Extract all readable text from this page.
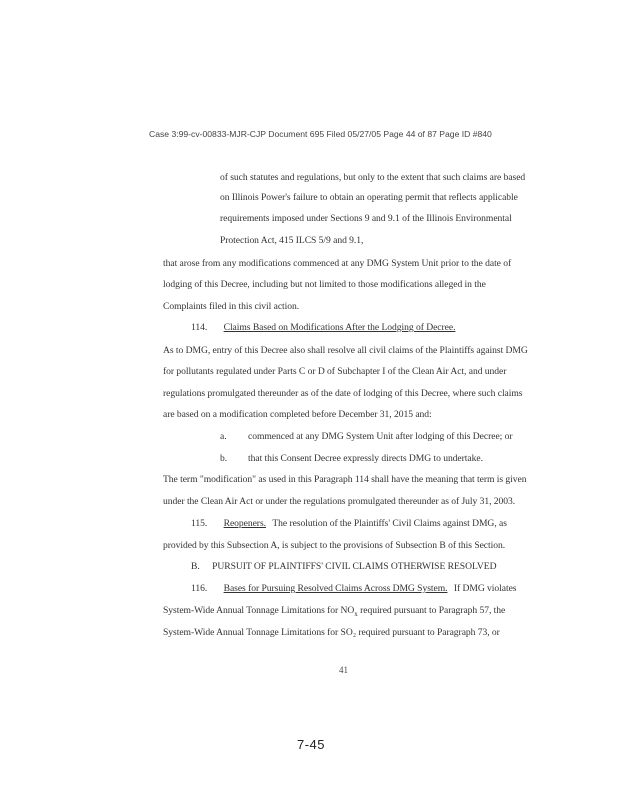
Case 3:99-cv-00833-MJR-CJP Document 695 Filed 05/27/05 Page 44 of 87 Page ID #840
of such statutes and regulations, but only to the extent that such claims are based
on Illinois Power's failure to obtain an operating permit that reflects applicable
requirements imposed under Sections 9 and 9.1 of the Illinois Environmental
Protection Act, 415 ILCS 5/9 and 9.1,
that arose from any modifications commenced at any DMG System Unit prior to the date of
lodging of this Decree, including but not limited to those modifications alleged in the
Complaints filed in this civil action.
114. Claims Based on Modifications After the Lodging of Decree.
As to DMG, entry of this Decree also shall resolve all civil claims of the Plaintiffs against DMG
for pollutants regulated under Parts C or D of Subchapter I of the Clean Air Act, and under
regulations promulgated thereunder as of the date of lodging of this Decree, where such claims
are based on a modification completed before December 31, 2015 and:
a. commenced at any DMG System Unit after lodging of this Decree; or
b. that this Consent Decree expressly directs DMG to undertake.
The term "modification" as used in this Paragraph 114 shall have the meaning that term is given
under the Clean Air Act or under the regulations promulgated thereunder as of July 31, 2003.
115. Reopeners. The resolution of the Plaintiffs' Civil Claims against DMG, as
provided by this Subsection A, is subject to the provisions of Subsection B of this Section.
B. PURSUIT OF PLAINTIFFS' CIVIL CLAIMS OTHERWISE RESOLVED
116. Bases for Pursuing Resolved Claims Across DMG System. If DMG violates
System-Wide Annual Tonnage Limitations for $NO_x$ required pursuant to Paragraph 57, the
System-Wide Annual Tonnage Limitations for SO₂ required pursuant to Paragraph 73, or
41
7-45
